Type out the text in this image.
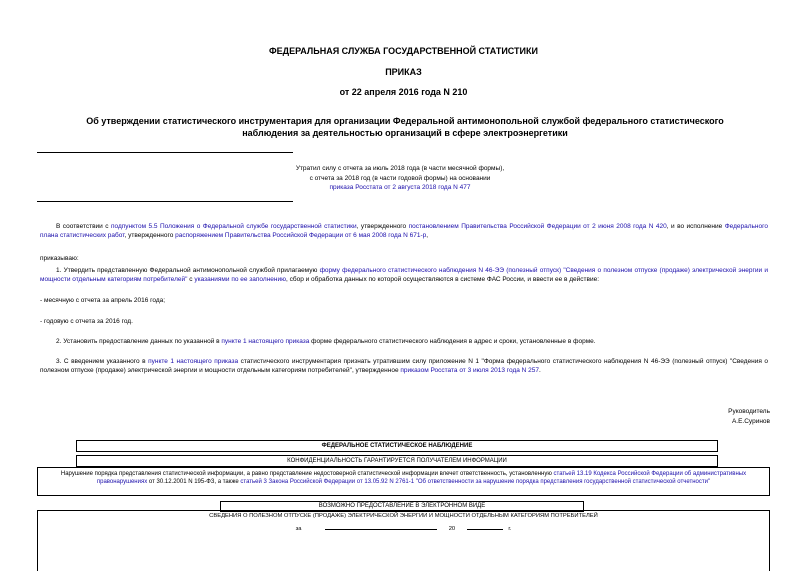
ФЕДЕРАЛЬНАЯ СЛУЖБА ГОСУДАРСТВЕННОЙ СТАТИСТИКИ
ПРИКАЗ
от 22 апреля 2016 года N 210
Об утверждении статистического инструментария для организации Федеральной антимонопольной службой федерального статистического наблюдения за деятельностью организаций в сфере электроэнергетики
Утратил силу с отчета за июль 2018 года (в части месячной формы),
с отчета за 2018 год (в части годовой формы) на основании
приказа Росстата от 2 августа 2018 года N 477
В соответствии с подпунктом 5.5 Положения о Федеральной службе государственной статистики, утвержденного постановлением Правительства Российской Федерации от 2 июня 2008 года N 420, и во исполнение Федерального плана статистических работ, утвержденного распоряжением Правительства Российской Федерации от 6 мая 2008 года N 671-р,
приказываю:
1. Утвердить представленную Федеральной антимонопольной службой прилагаемую форму федерального статистического наблюдения N 46-ЭЭ (полезный отпуск) "Сведения о полезном отпуске (продаже) электрической энергии и мощности отдельным категориям потребителей" с указаниями по ее заполнению, сбор и обработка данных по которой осуществляются в системе ФАС России, и ввести ее в действие:
- месячную с отчета за апрель 2016 года;
- годовую с отчета за 2016 год.
2. Установить предоставление данных по указанной в пункте 1 настоящего приказа форме федерального статистического наблюдения в адрес и сроки, установленные в форме.
3. С введением указанного в пункте 1 настоящего приказа статистического инструментария признать утратившим силу приложение N 1 "Форма федерального статистического наблюдения N 46-ЭЭ (полезный отпуск) "Сведения о полезном отпуске (продаже) электрической энергии и мощности отдельным категориям потребителей", утвержденное приказом Росстата от 3 июля 2013 года N 257.
Руководитель
А.Е.Суринов
ФЕДЕРАЛЬНОЕ СТАТИСТИЧЕСКОЕ НАБЛЮДЕНИЕ
КОНФИДЕНЦИАЛЬНОСТЬ ГАРАНТИРУЕТСЯ ПОЛУЧАТЕЛЕМ ИНФОРМАЦИИ
Нарушение порядка представления статистической информации, а равно представление недостоверной статистической информации влечет ответственность, установленную статьей 13.19 Кодекса Российской Федерации об административных правонарушениях от 30.12.2001 N 195-ФЗ, а также статьей 3 Закона Российской Федерации от 13.05.92 N 2761-1 "Об ответственности за нарушение порядка представления государственной статистической отчетности"
ВОЗМОЖНО ПРЕДОСТАВЛЕНИЕ В ЭЛЕКТРОННОМ ВИДЕ
СВЕДЕНИЯ О ПОЛЕЗНОМ ОТПУСКЕ (ПРОДАЖЕ) ЭЛЕКТРИЧЕСКОЙ ЭНЕРГИИ И МОЩНОСТИ ОТДЕЛЬНЫМ КАТЕГОРИЯМ ПОТРЕБИТЕЛЕЙ
за	20	г.
